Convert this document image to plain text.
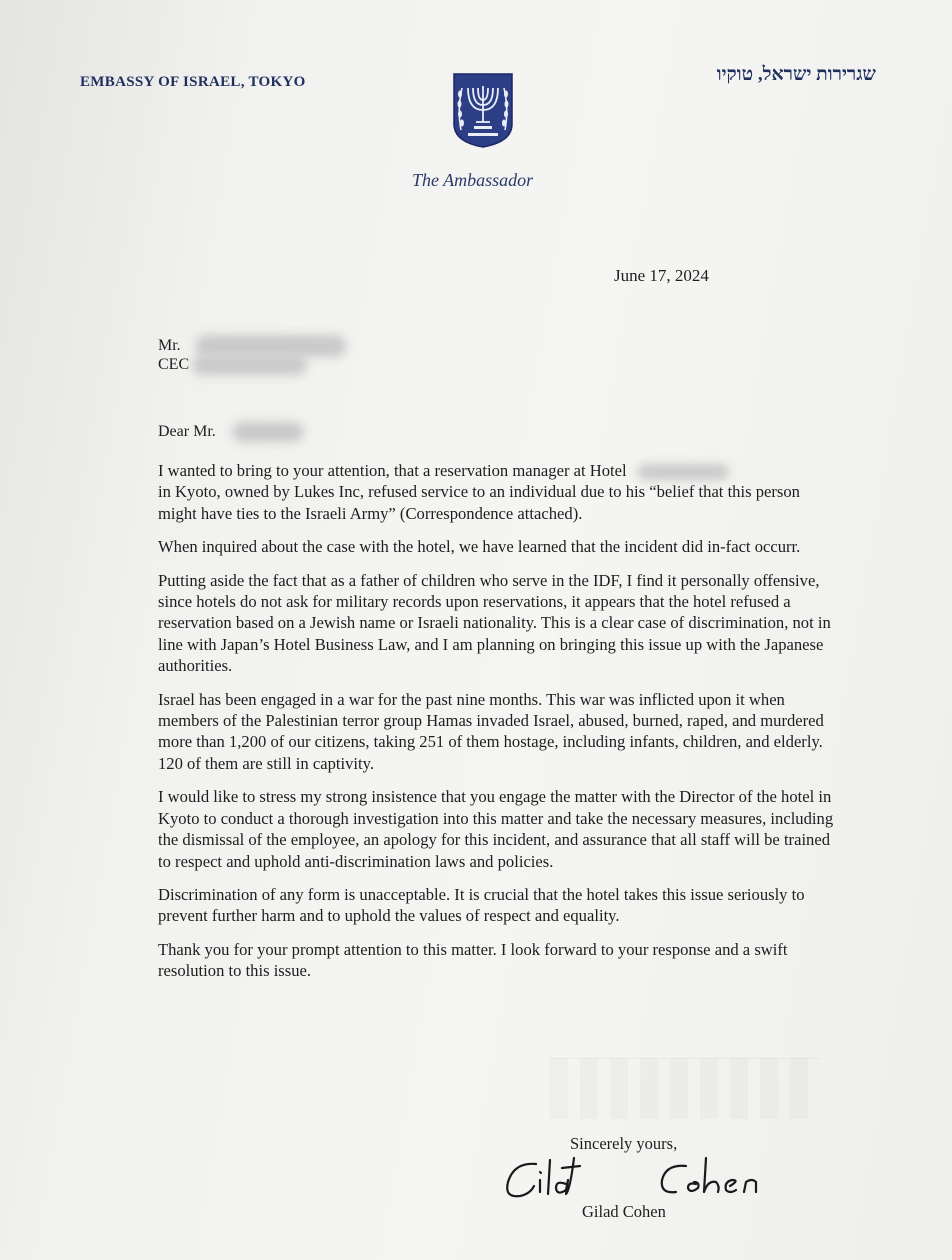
EMBASSY OF ISRAEL, TOKYO	שגרירות ישראל, טוקיו
The Ambassador
June 17, 2024
Mr.
CEC
Dear Mr.

I wanted to bring to your attention, that a reservation manager at Hotel
in Kyoto, owned by Lukes Inc, refused service to an individual due to his “belief that this person might have ties to the Israeli Army” (Correspondence attached).

When inquired about the case with the hotel, we have learned that the incident did in-fact occurr.

Putting aside the fact that as a father of children who serve in the IDF, I find it personally offensive, since hotels do not ask for military records upon reservations, it appears that the hotel refused a reservation based on a Jewish name or Israeli nationality. This is a clear case of discrimination, not in line with Japan’s Hotel Business Law, and I am planning on bringing this issue up with the Japanese authorities.

Israel has been engaged in a war for the past nine months. This war was inflicted upon it when members of the Palestinian terror group Hamas invaded Israel, abused, burned, raped, and murdered more than 1,200 of our citizens, taking 251 of them hostage, including infants, children, and elderly. 120 of them are still in captivity.

I would like to stress my strong insistence that you engage the matter with the Director of the hotel in Kyoto to conduct a thorough investigation into this matter and take the necessary measures, including the dismissal of the employee, an apology for this incident, and assurance that all staff will be trained to respect and uphold anti-discrimination laws and policies.

Discrimination of any form is unacceptable. It is crucial that the hotel takes this issue seriously to prevent further harm and to uphold the values of respect and equality.

Thank you for your prompt attention to this matter. I look forward to your response and a swift resolution to this issue.

Sincerely yours,
Gilad Cohen
